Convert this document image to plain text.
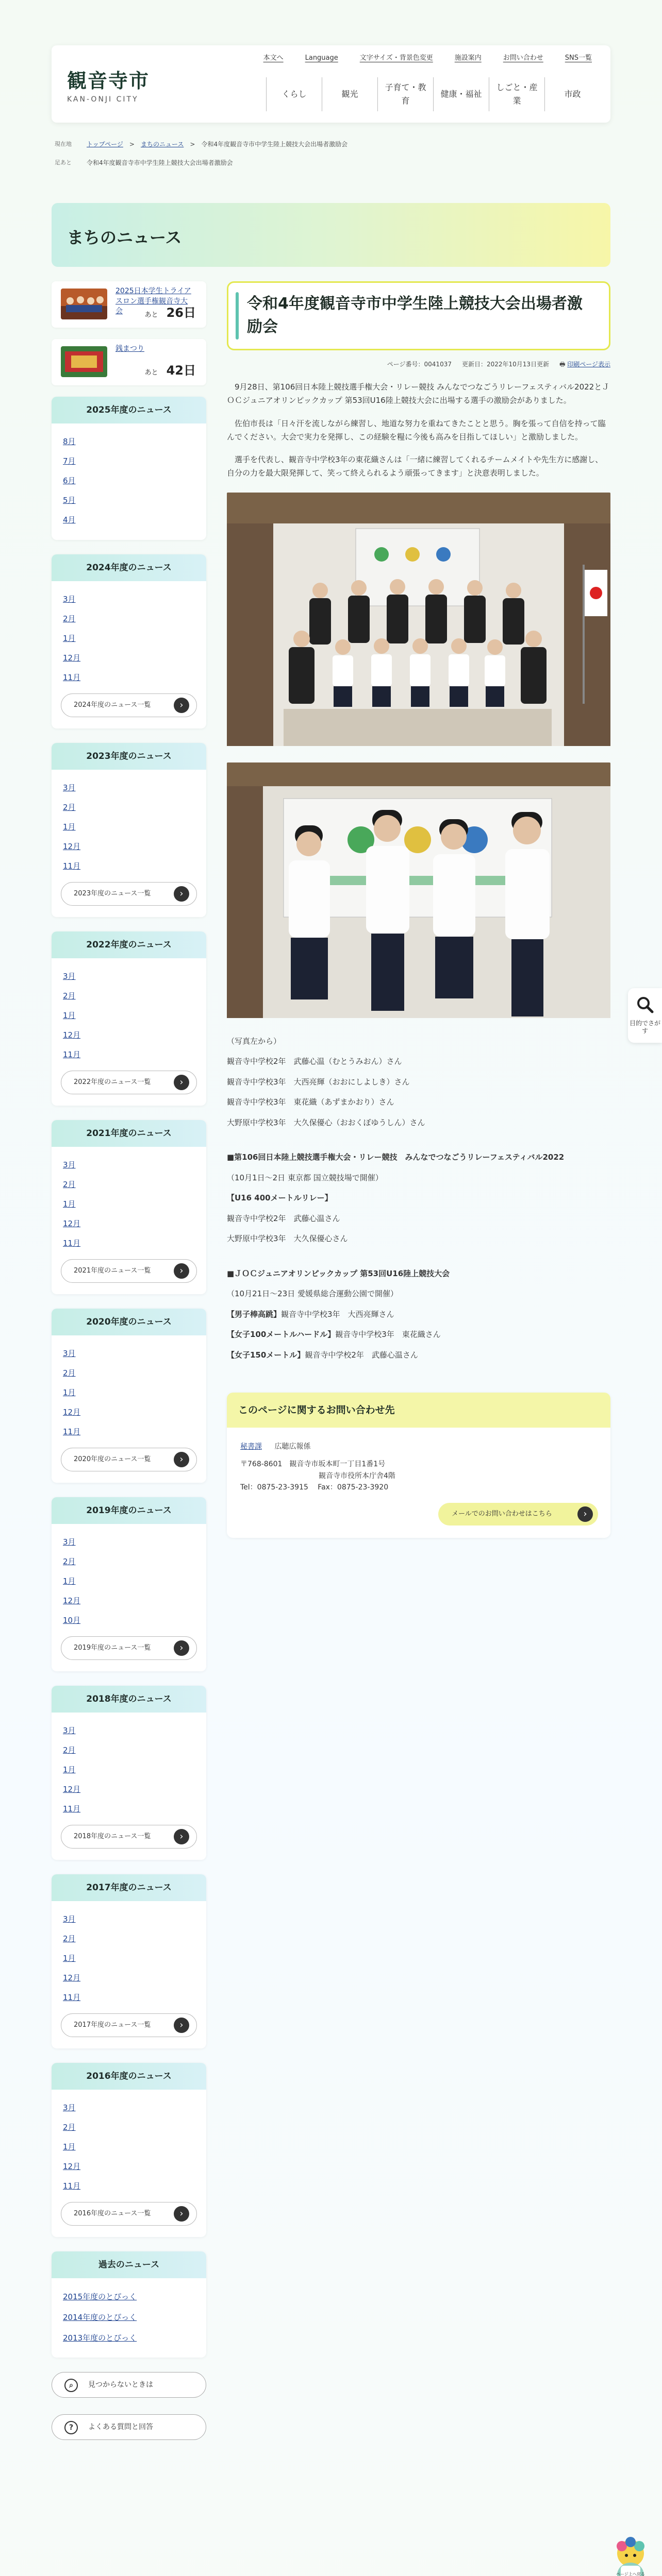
観音寺市
KAN-ONJI CITY
本文へ	Language	文字サイズ・背景色変更	施設案内	お問い合わせ	SNS一覧
くらし	観光
子育て・教育
健康・福祉
しごと・産業
市政
現在地	トップページ > まちのニュース > 令和4年度観音寺市中学生陸上競技大会出場者激励会
足あと	令和4年度観音寺市中学生陸上競技大会出場者激励会
まちのニュース
2025日本学生トライアスロン選手権観音寺大会	あと 26日
銭まつり
あと 42日
2025年度のニュース
8月
7月
6月
5月
4月
2024年度のニュース
3月
2月
1月
12月
11月
2024年度のニュース一覧 ›
2023年度のニュース
3月
2月
1月
12月
11月
2023年度のニュース一覧 ›
2022年度のニュース
3月
2月
1月
12月
11月
2022年度のニュース一覧 ›
2021年度のニュース
3月
2月
1月
12月
11月
2021年度のニュース一覧 ›
2020年度のニュース
3月
2月
1月
12月
11月
2020年度のニュース一覧 ›
2019年度のニュース
3月
2月
1月
12月
10月
2019年度のニュース一覧 ›
2018年度のニュース
3月
2月
1月
12月
11月
2018年度のニュース一覧 ›
2017年度のニュース
3月
2月
1月
12月
11月
2017年度のニュース一覧 ›
2016年度のニュース
3月
2月
1月
12月
11月
2016年度のニュース一覧 ›
過去のニュース
2015年度のとぴっく
2014年度のとぴっく
2013年度のとぴっく
⌕	見つからないときは
?	よくある質問と回答
令和4年度観音寺市中学生陸上競技大会出場者激励会
ページ番号：0041037 更新日：2022年10月13日更新 🖶 印刷ページ表示

9月28日、第106回日本陸上競技選手権大会・リレー競技 みんなでつなごうリレーフェスティバル2022とＪＯＣジュニアオリンピックカップ 第53回U16陸上競技大会に出場する選手の激励会がありました。

佐伯市長は「日々汗を流しながら練習し、地道な努力を重ねてきたことと思う。胸を張って自信を持って臨んでください。大会で実力を発揮し、この経験を糧に今後も高みを目指してほしい」と激励しました。

選手を代表し、観音寺中学校3年の東花織さんは「一緒に練習してくれるチームメイトや先生方に感謝し、自分の力を最大限発揮して、笑って終えられるよう頑張ってきます」と決意表明しました。

（写真左から）

観音寺中学校2年　武藤心温（むとうみおん）さん

観音寺中学校3年　大西亮輝（おおにしよしき）さん

観音寺中学校3年　東花織（あずまかおり）さん

大野原中学校3年　大久保優心（おおくぼゆうしん）さん

■第106回日本陸上競技選手権大会・リレー競技　みんなでつなごうリレーフェスティバル2022

（10月1日～2日 東京都 国立競技場で開催）

【U16 400メートルリレー】

観音寺中学校2年　武藤心温さん

大野原中学校3年　大久保優心さん

■ＪＯＣジュニアオリンピックカップ 第53回U16陸上競技大会

（10月21日～23日 愛媛県総合運動公園で開催）

【男子棒高跳】観音寺中学校3年　大西亮輝さん

【女子100メートルハードル】観音寺中学校3年　東花織さん

【女子150メートル】観音寺中学校2年　武藤心温さん

このページに関するお問い合わせ先
秘書課 広聴広報係
〒768-8601　観音寺市坂本町一丁目1番1号
観音寺市役所本庁舎4階
Tel：0875-23-3915　 Fax：0875-23-3920
メールでのお問い合わせはこちら ›
目的でさがす
ページ上へ戻る
